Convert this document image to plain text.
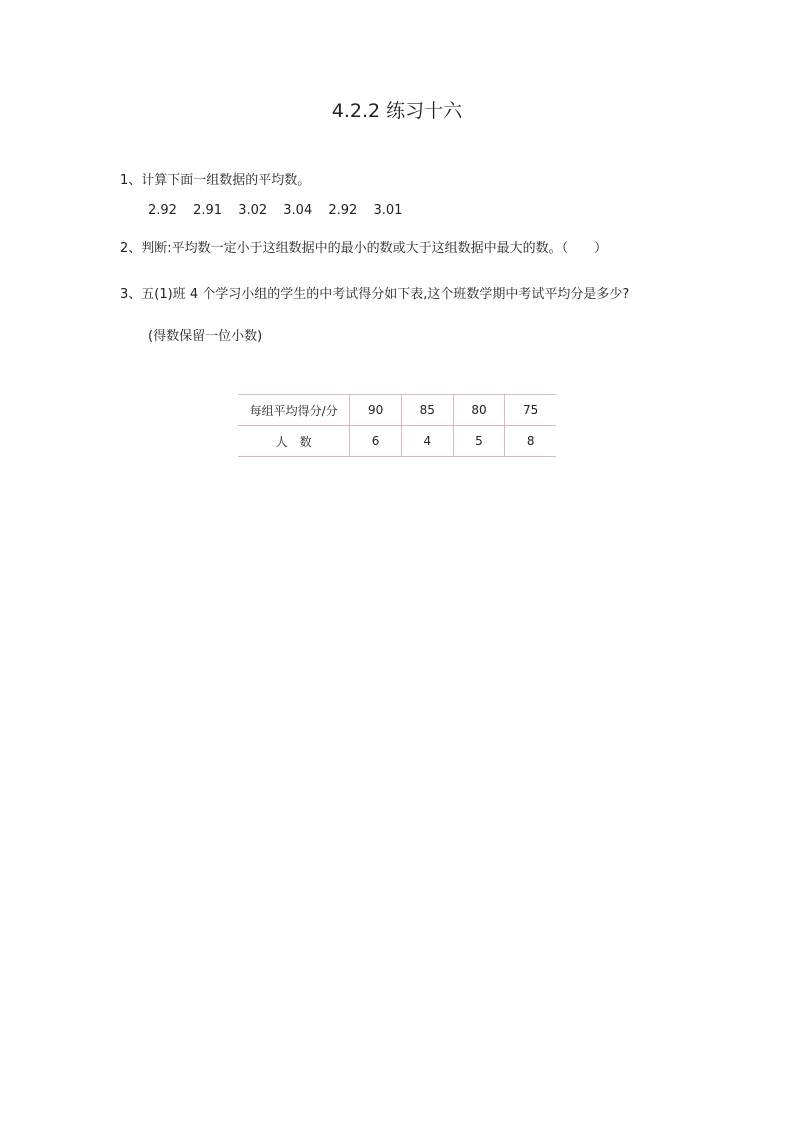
4.2.2 练习十六
1、计算下面一组数据的平均数。
2.92 2.91 3.02 3.04 2.92 3.01
2、判断:平均数一定小于这组数据中的最小的数或大于这组数据中最大的数。（　　）
3、五(1)班 4 个学习小组的学生的中考试得分如下表,这个班数学期中考试平均分是多少?
(得数保留一位小数)
每组平均得分/分	90	85	80	75
人　数	6	4	5	8
